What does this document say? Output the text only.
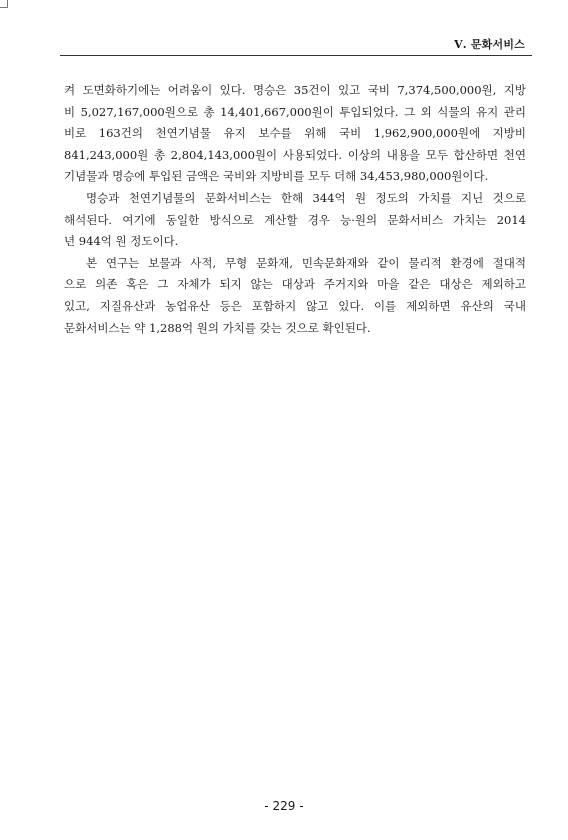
Ⅴ. 문화서비스

켜 도면화하기에는 어려움이 있다. 명승은 35건이 있고 국비 7,374,500,000원, 지방
비 5,027,167,000원으로 총 14,401,667,000원이 투입되었다. 그 외 식물의 유지 관리
비로 163건의 천연기념물 유지 보수를 위해 국비 1,962,900,000원에 지방비
841,243,000원 총 2,804,143,000원이 사용되었다. 이상의 내용을 모두 합산하면 천연
기념물과 명승에 투입된 금액은 국비와 지방비를 모두 더해 34,453,980,000원이다.

명승과 천연기념물의 문화서비스는 한해 344억 원 정도의 가치를 지닌 것으로
해석된다. 여기에 동일한 방식으로 계산할 경우 능·원의 문화서비스 가치는 2014
년 944억 원 정도이다.

본 연구는 보물과 사적, 무형 문화재, 민속문화재와 같이 물리적 환경에 절대적
으로 의존 혹은 그 자체가 되지 않는 대상과 주거지와 마을 같은 대상은 제외하고
있고, 지질유산과 농업유산 등은 포함하지 않고 있다. 이를 제외하면 유산의 국내
문화서비스는 약 1,288억 원의 가치를 갖는 것으로 확인된다.

- 229 -
